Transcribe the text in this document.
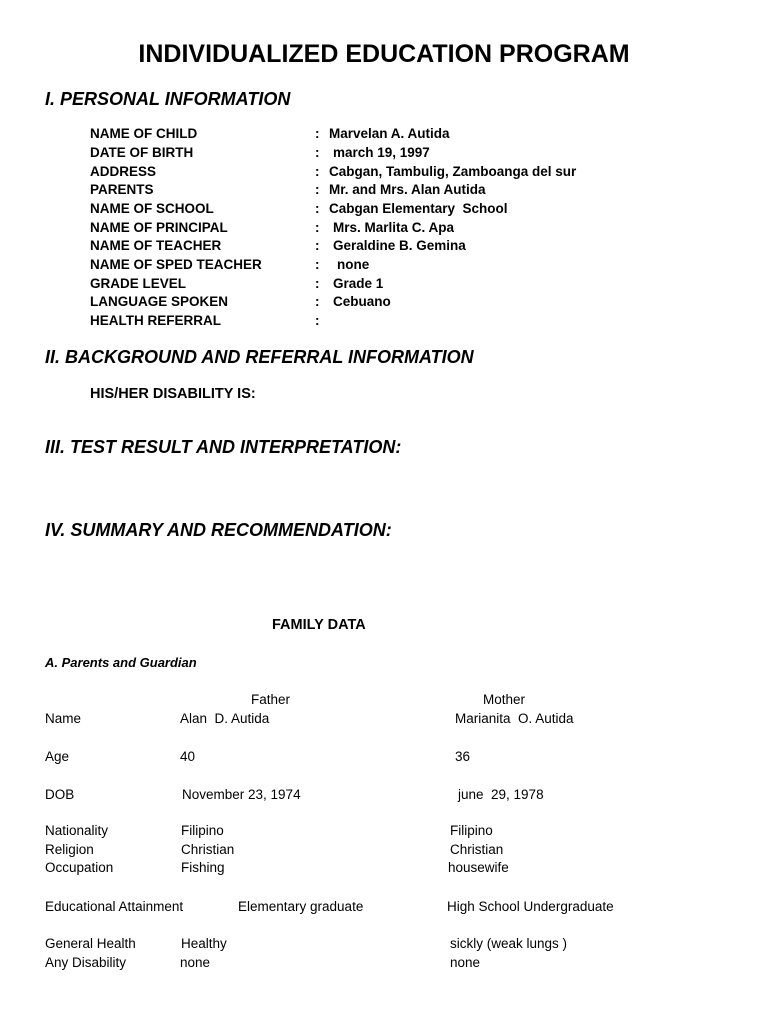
INDIVIDUALIZED EDUCATION PROGRAM
I. PERSONAL INFORMATION
NAME OF CHILD	: Marvelan A. Autida
DATE OF BIRTH	: march 19, 1997
ADDRESS	: Cabgan, Tambulig, Zamboanga del sur
PARENTS	: Mr. and Mrs. Alan Autida
NAME OF SCHOOL	: Cabgan Elementary  School
NAME OF PRINCIPAL	: Mrs. Marlita C. Apa
NAME OF TEACHER	: Geraldine B. Gemina
NAME OF SPED TEACHER	: none
GRADE LEVEL	: Grade 1
LANGUAGE SPOKEN	: Cebuano
HEALTH REFERRAL	:
II. BACKGROUND AND REFERRAL INFORMATION
HIS/HER DISABILITY IS:
III. TEST RESULT AND INTERPRETATION:
IV. SUMMARY AND RECOMMENDATION:
FAMILY DATA
A. Parents and Guardian
Father	Mother
Name	Alan  D. Autida	Marianita  O. Autida
Age	40	36
DOB	November 23, 1974	june  29, 1978
Nationality	Filipino	Filipino
Religion	Christian	Christian
Occupation	Fishing	housewife
Educational Attainment	Elementary graduate	High School Undergraduate
General Health	Healthy	sickly (weak lungs )
Any Disability	none	none
